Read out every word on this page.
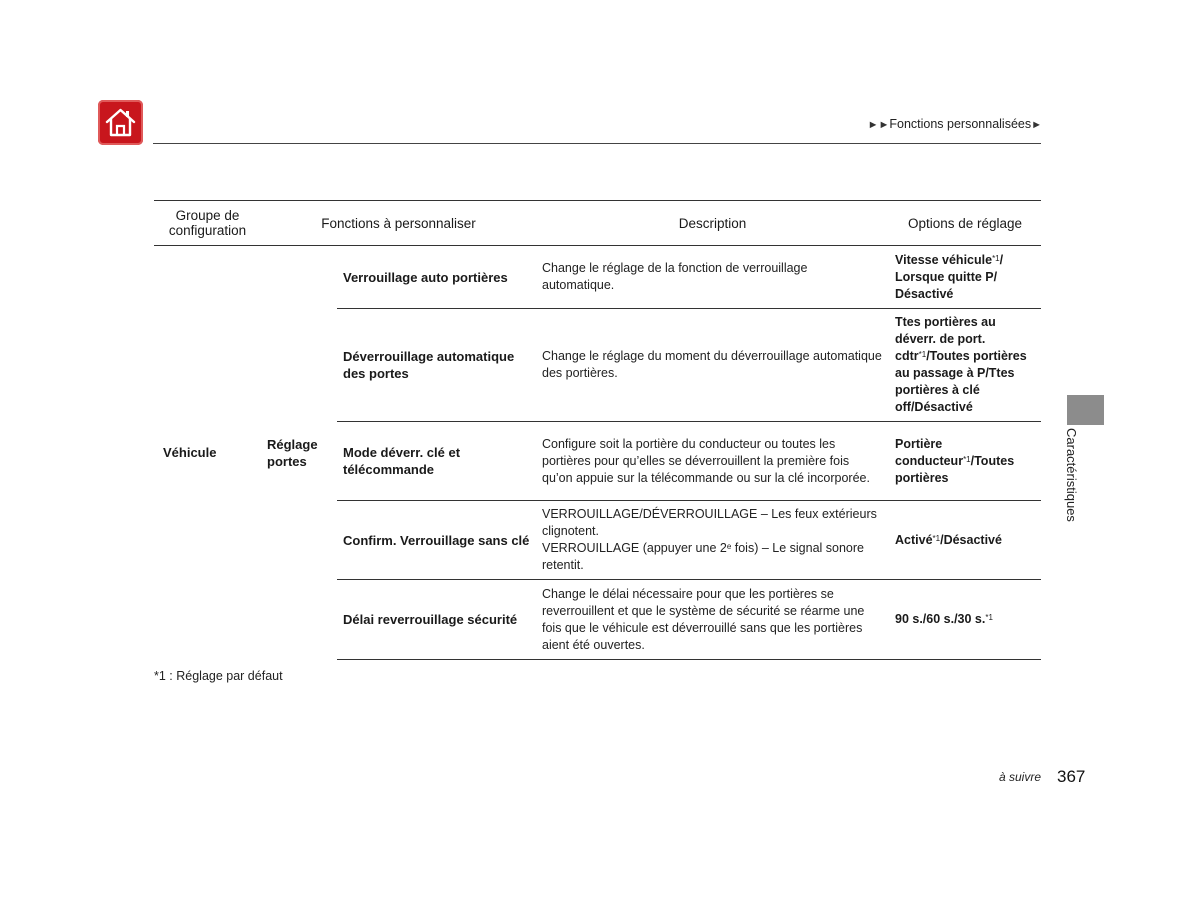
►►Fonctions personnalisées►
Groupe de configuration	Fonctions à personnaliser		Description	Options de réglage
Véhicule	Réglage portes	Verrouillage auto portières	Change le réglage de la fonction de verrouillage automatique.	Vitesse véhicule$^{*1}$/ Lorsque quitte P/ Désactivé
		Déverrouillage automatique des portes	Change le réglage du moment du déverrouillage automatique des portières.	Ttes portières au déverr. de port. cdtr$^{*1}$/Toutes portières au passage à P/Ttes portières à clé off/Désactivé
		Mode déverr. clé et télécommande	Configure soit la portière du conducteur ou toutes les portières pour qu’elles se déverrouillent la première fois qu’on appuie sur la télécommande ou sur la clé incorporée.	Portière conducteur$^{*1}$/Toutes portières
		Confirm. Verrouillage sans clé	VERROUILLAGE/DÉVERROUILLAGE – Les feux extérieurs clignotent.
VERROUILLAGE (appuyer une 2e fois) – Le signal sonore retentit.	Activé$^{*1}$/Désactivé
		Délai reverrouillage sécurité	Change le délai nécessaire pour que les portières se reverrouillent et que le système de sécurité se réarme une fois que le véhicule est déverrouillé sans que les portières aient été ouvertes.	90 s./60 s./30 s.$^{*1}$
*1 : Réglage par défaut
Caractéristiques
à suivre 367
